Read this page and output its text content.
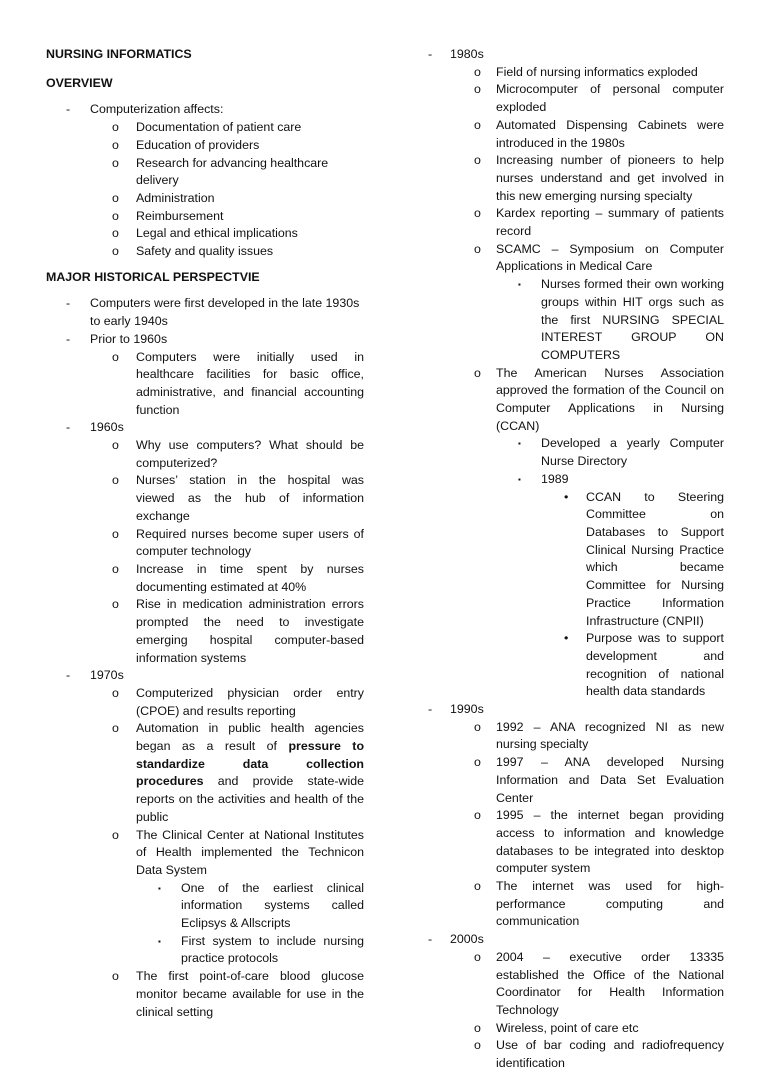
NURSING INFORMATICS

OVERVIEW

- Computerization affects:
o Documentation of patient care
o Education of providers
o Research for advancing healthcare delivery
o Administration
o Reimbursement
o Legal and ethical implications
o Safety and quality issues

MAJOR HISTORICAL PERSPECTVIE

- Computers were first developed in the late 1930s to early 1940s
- Prior to 1960s
o Computers were initially used in healthcare facilities for basic office, administrative, and financial accounting function
- 1960s
o Why use computers? What should be computerized?
o Nurses’ station in the hospital was viewed as the hub of information exchange
o Required nurses become super users of computer technology
o Increase in time spent by nurses documenting estimated at 40%
o Rise in medication administration errors prompted the need to investigate emerging hospital computer-based information systems
- 1970s
o Computerized physician order entry (CPOE) and results reporting
o Automation in public health agencies began as a result of pressure to standardize data collection procedures and provide state-wide reports on the activities and health of the public
o The Clinical Center at National Institutes of Health implemented the Technicon Data System
▪ One of the earliest clinical information systems called Eclipsys & Allscripts
▪ First system to include nursing practice protocols
o The first point-of-care blood glucose monitor became available for use in the clinical setting
- 1980s
o Field of nursing informatics exploded
o Microcomputer of personal computer exploded
o Automated Dispensing Cabinets were introduced in the 1980s
o Increasing number of pioneers to help nurses understand and get involved in this new emerging nursing specialty
o Kardex reporting – summary of patients record
o SCAMC – Symposium on Computer Applications in Medical Care
▪ Nurses formed their own working groups within HIT orgs such as the first NURSING SPECIAL INTEREST GROUP ON COMPUTERS
o The American Nurses Association approved the formation of the Council on Computer Applications in Nursing (CCAN)
▪ Developed a yearly Computer Nurse Directory
▪ 1989
• CCAN to Steering Committee on Databases to Support Clinical Nursing Practice which became Committee for Nursing Practice Information Infrastructure (CNPII)
• Purpose was to support development and recognition of national health data standards
- 1990s
o 1992 – ANA recognized NI as new nursing specialty
o 1997 – ANA developed Nursing Information and Data Set Evaluation Center
o 1995 – the internet began providing access to information and knowledge databases to be integrated into desktop computer system
o The internet was used for high-performance computing and communication
- 2000s
o 2004 – executive order 13335 established the Office of the National Coordinator for Health Information Technology
o Wireless, point of care etc
o Use of bar coding and radiofrequency identification
